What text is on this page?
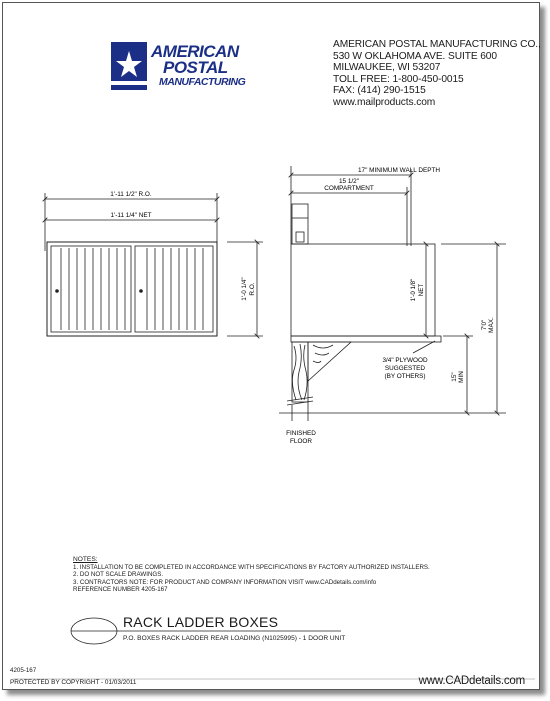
AMERICAN
POSTAL
MANUFACTURING
AMERICAN POSTAL MANUFACTURING CO.,
530 W OKLAHOMA AVE. SUITE 600
MILWAUKEE, WI 53207
TOLL FREE: 1-800-450-0015
FAX: (414) 290-1515
www.mailproducts.com
1'-11 1/2" R.O.
1'-11 1/4" NET
1'-0 1/4" R.O.
17" MINIMUM WALL DEPTH
15 1/2"
COMPARTMENT
1'-0 1/8" NET
7'0" MAX.
15" MIN
3/4" PLYWOOD
SUGGESTED
(BY OTHERS)
FINISHED
FLOOR
NOTES:
1. INSTALLATION TO BE COMPLETED IN ACCORDANCE WITH SPECIFICATIONS BY FACTORY AUTHORIZED INSTALLERS.
2. DO NOT SCALE DRAWINGS.
3. CONTRACTORS NOTE: FOR PRODUCT AND COMPANY INFORMATION VISIT www.CADdetails.com/info
REFERENCE NUMBER 4205-167
RACK LADDER BOXES
P.O. BOXES RACK LADDER REAR LOADING (N1025995) - 1 DOOR UNIT
4205-167
PROTECTED BY COPYRIGHT - 01/03/2011	www.CADdetails.com
